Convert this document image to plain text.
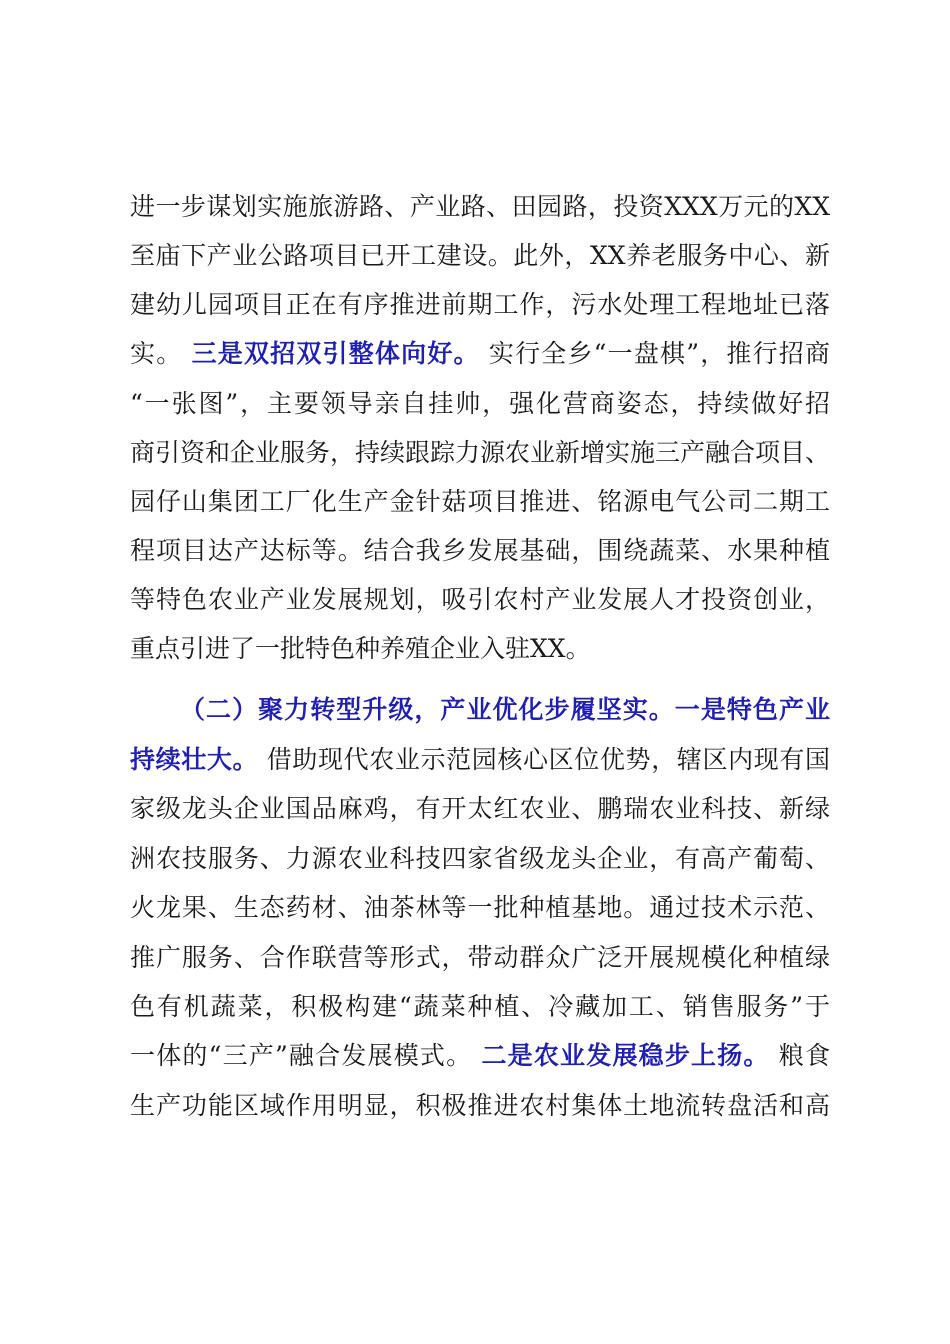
进一步谋划实施旅游路、产业路、田园路，投资XXX万元的XX
至庙下产业公路项目已开工建设。此外，XX养老服务中心、新
建幼儿园项目正在有序推进前期工作，污水处理工程地址已落
实。 三是双招双引整体向好。 实行全乡“一盘棋”，推行招商
“一张图”，主要领导亲自挂帅，强化营商姿态，持续做好招
商引资和企业服务，持续跟踪力源农业新增实施三产融合项目、
园仔山集团工厂化生产金针菇项目推进、铭源电气公司二期工
程项目达产达标等。结合我乡发展基础，围绕蔬菜、水果种植
等特色农业产业发展规划，吸引农村产业发展人才投资创业，
重点引进了一批特色种养殖企业入驻XX。
（二）聚力转型升级，产业优化步履坚实。一是特色产业
持续壮大。 借助现代农业示范园核心区位优势，辖区内现有国
家级龙头企业国品麻鸡，有开太红农业、鹏瑞农业科技、新绿
洲农技服务、力源农业科技四家省级龙头企业，有高产葡萄、
火龙果、生态药材、油茶林等一批种植基地。通过技术示范、
推广服务、合作联营等形式，带动群众广泛开展规模化种植绿
色有机蔬菜，积极构建“蔬菜种植、冷藏加工、销售服务”于
一体的“三产”融合发展模式。 二是农业发展稳步上扬。 粮食
生产功能区域作用明显，积极推进农村集体土地流转盘活和高
